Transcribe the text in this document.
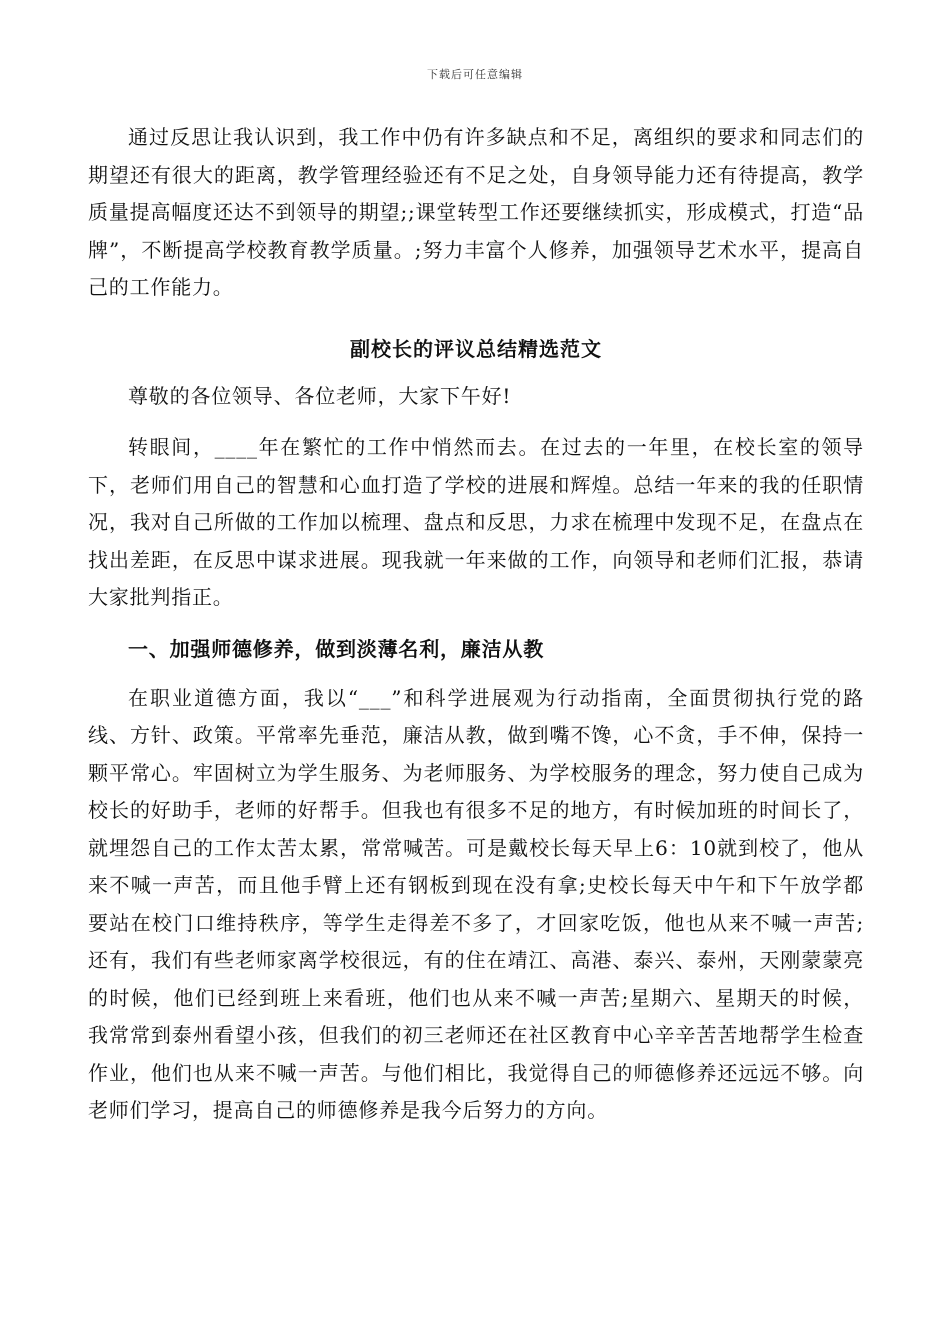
下载后可任意编辑

通过反思让我认识到，我工作中仍有许多缺点和不足，离组织的要求和同志们的期望还有很大的距离，教学管理经验还有不足之处，自身领导能力还有待提高，教学质量提高幅度还达不到领导的期望;;课堂转型工作还要继续抓实，形成模式，打造“品牌”，不断提高学校教育教学质量。;努力丰富个人修养，加强领导艺术水平，提高自己的工作能力。

副校长的评议总结精选范文

尊敬的各位领导、各位老师，大家下午好!

转眼间，____年在繁忙的工作中悄然而去。在过去的一年里，在校长室的领导下，老师们用自己的智慧和心血打造了学校的进展和辉煌。总结一年来的我的任职情况，我对自己所做的工作加以梳理、盘点和反思，力求在梳理中发现不足，在盘点在找出差距，在反思中谋求进展。现我就一年来做的工作，向领导和老师们汇报，恭请大家批判指正。

一、加强师德修养，做到淡薄名利，廉洁从教

在职业道德方面，我以“___”和科学进展观为行动指南，全面贯彻执行党的路线、方针、政策。平常率先垂范，廉洁从教，做到嘴不馋，心不贪，手不伸，保持一颗平常心。牢固树立为学生服务、为老师服务、为学校服务的理念，努力使自己成为校长的好助手，老师的好帮手。但我也有很多不足的地方，有时候加班的时间长了，就埋怨自己的工作太苦太累，常常喊苦。可是戴校长每天早上6：10就到校了，他从来不喊一声苦，而且他手臂上还有钢板到现在没有拿;史校长每天中午和下午放学都要站在校门口维持秩序，等学生走得差不多了，才回家吃饭，他也从来不喊一声苦;还有，我们有些老师家离学校很远，有的住在靖江、高港、泰兴、泰州，天刚蒙蒙亮的时候，他们已经到班上来看班，他们也从来不喊一声苦;星期六、星期天的时候，我常常到泰州看望小孩，但我们的初三老师还在社区教育中心辛辛苦苦地帮学生检查作业，他们也从来不喊一声苦。与他们相比，我觉得自己的师德修养还远远不够。向老师们学习，提高自己的师德修养是我今后努力的方向。
